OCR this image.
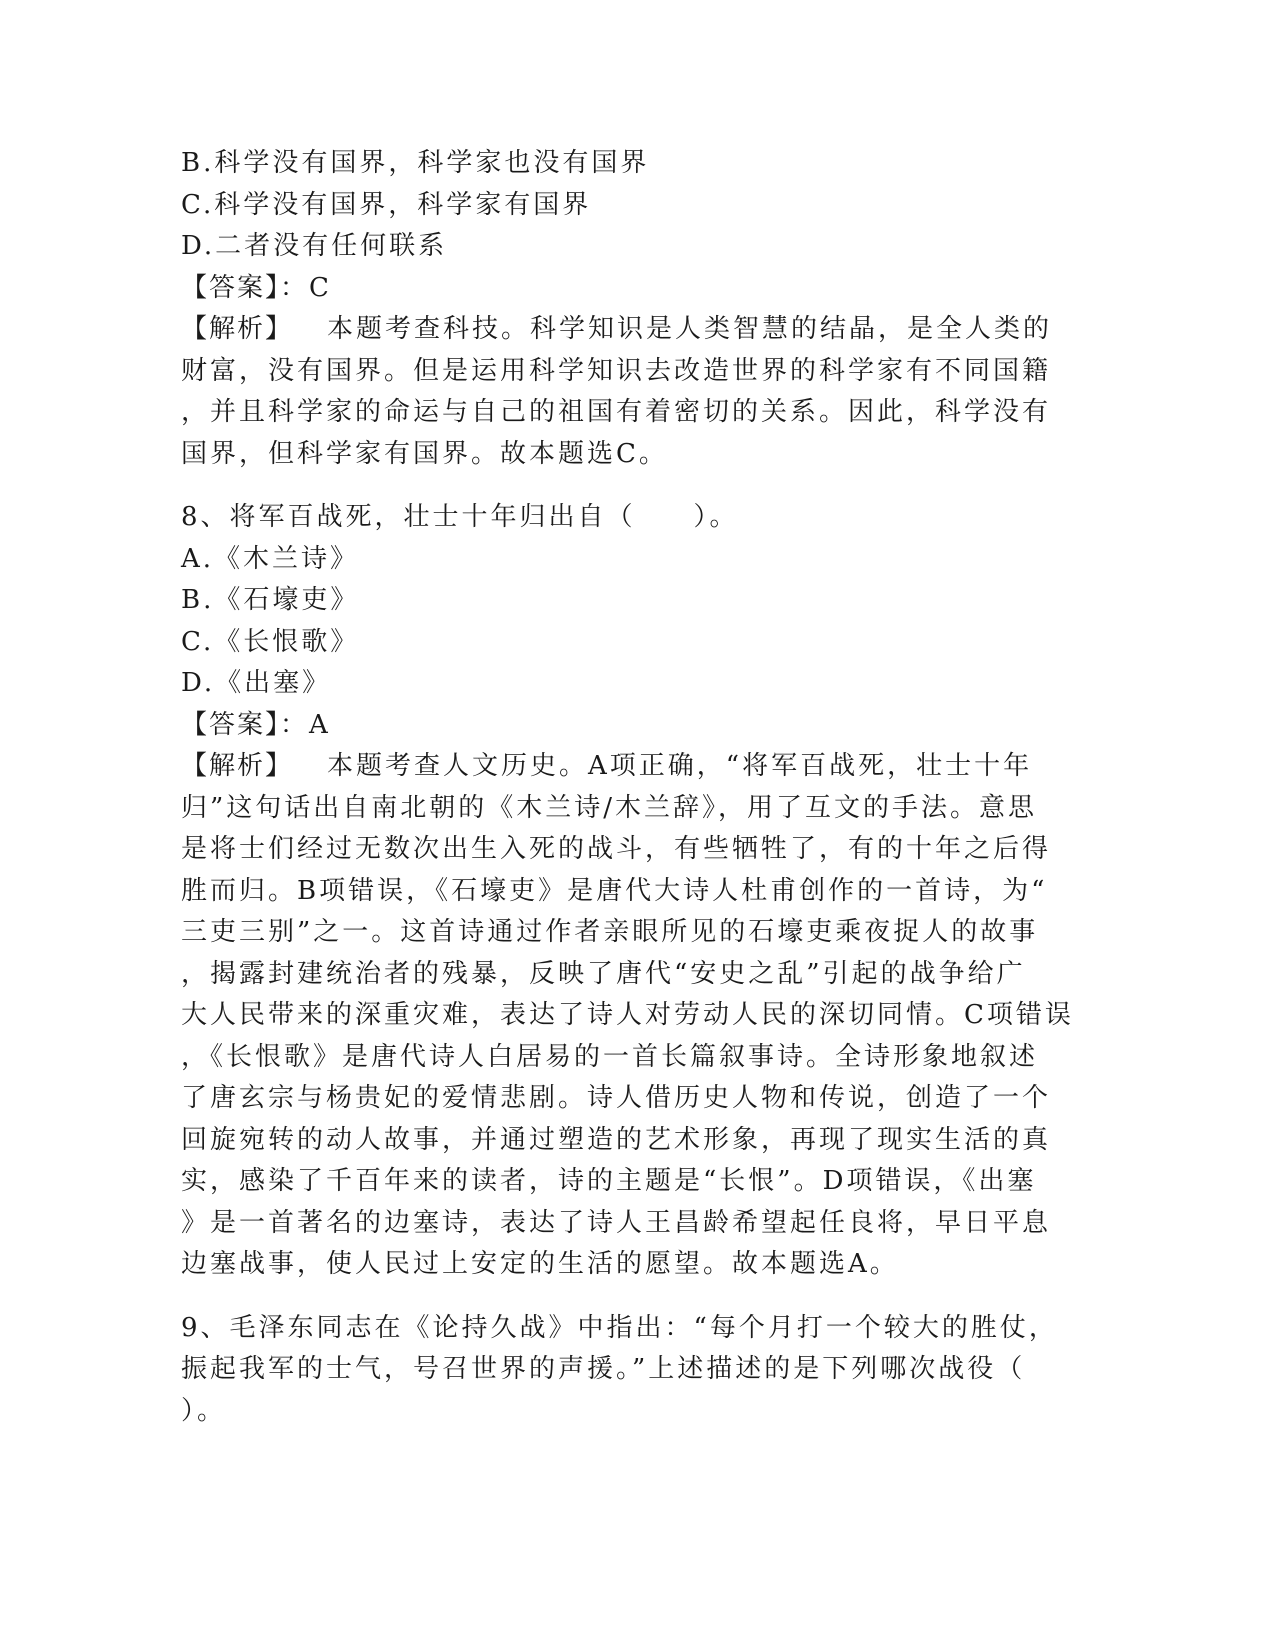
B.科学没有国界，科学家也没有国界
C.科学没有国界，科学家有国界
D.二者没有任何联系
【答案】：C
【解析】 本题考查科技。科学知识是人类智慧的结晶，是全人类的
财富，没有国界。但是运用科学知识去改造世界的科学家有不同国籍
，并且科学家的命运与自己的祖国有着密切的关系。因此，科学没有
国界，但科学家有国界。故本题选C。
8、将军百战死，壮士十年归出自（　　）。
A.《木兰诗》
B.《石壕吏》
C.《长恨歌》
D.《出塞》
【答案】：A
【解析】 本题考查人文历史。A项正确，“将军百战死，壮士十年
归”这句话出自南北朝的《木兰诗/木兰辞》，用了互文的手法。意思
是将士们经过无数次出生入死的战斗，有些牺牲了，有的十年之后得
胜而归。B项错误，《石壕吏》是唐代大诗人杜甫创作的一首诗，为“
三吏三别”之一。这首诗通过作者亲眼所见的石壕吏乘夜捉人的故事
，揭露封建统治者的残暴，反映了唐代“安史之乱”引起的战争给广
大人民带来的深重灾难，表达了诗人对劳动人民的深切同情。C项错误
，《长恨歌》是唐代诗人白居易的一首长篇叙事诗。全诗形象地叙述
了唐玄宗与杨贵妃的爱情悲剧。诗人借历史人物和传说，创造了一个
回旋宛转的动人故事，并通过塑造的艺术形象，再现了现实生活的真
实，感染了千百年来的读者，诗的主题是“长恨”。D项错误，《出塞
》是一首著名的边塞诗，表达了诗人王昌龄希望起任良将，早日平息
边塞战事，使人民过上安定的生活的愿望。故本题选A。
9、毛泽东同志在《论持久战》中指出：“每个月打一个较大的胜仗，
振起我军的士气，号召世界的声援。”上述描述的是下列哪次战役（
）。
